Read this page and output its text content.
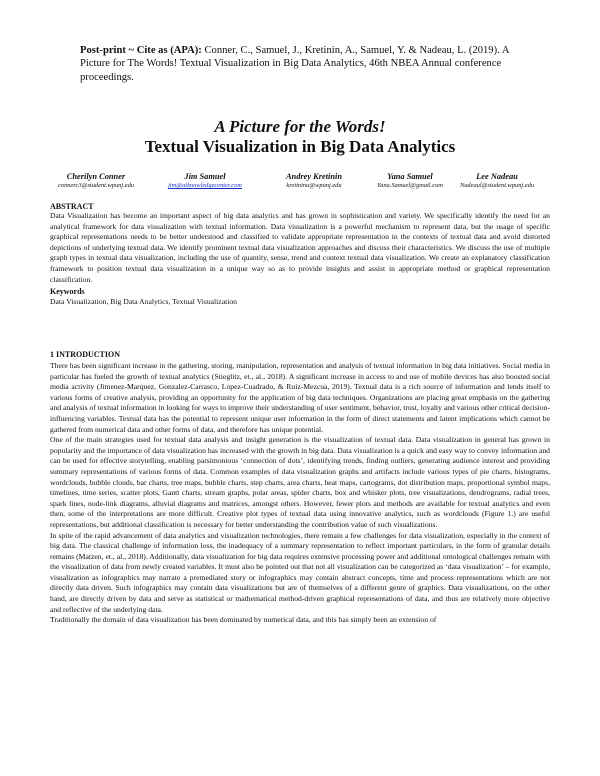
Post-print ~ Cite as (APA): Conner, C., Samuel, J., Kretinin, A., Samuel, Y. & Nadeau, L. (2019). A Picture for The Words! Textual Visualization in Big Data Analytics, 46th NBEA Annual conference proceedings.
A Picture for the Words!
Textual Visualization in Big Data Analytics
Cherilyn Conner
connerc3@student.wpunj.edu
Jim Samuel
jim@aiknowledgecenter.com
Andrey Kretinin
kretinina@wpunj.edu
Yana Samuel
Yana.Samuel@gmail.com
Lee Nadeau
Nadeaul@student.wpunj.edu
ABSTRACT
Data Visualization has become an important aspect of big data analytics and has grown in sophistication and variety. We specifically identify the need for an analytical framework for data visualization with textual information. Data visualization is a powerful mechanism to represent data, but the usage of specific graphical representations needs to be better understood and classified to validate appropriate representation in the contexts of textual data and avoid distorted depictions of underlying textual data. We identify prominent textual data visualization approaches and discuss their characteristics. We discuss the use of multiple graph types in textual data visualization, including the use of quantity, sense, trend and context textual data visualization. We create an explanatory classification framework to position textual data visualization in a unique way so as to provide insights and assist in appropriate method or graphical representation classification.
Keywords
Data Visualization, Big Data Analytics, Textual Visualization
1 INTRODUCTION

There has been significant increase in the gathering, storing, manipulation, representation and analysis of textual information in big data initiatives. Social media in particular has fueled the growth of textual analytics (Stieglitz, et., al., 2018). A significant increase in access to and use of mobile devices has also boosted social media activity (Jimenez-Marquez, Gonzalez-Carrasco, Lopez-Cuadrado, & Ruiz-Mezcua, 2019). Textual data is a rich source of information and lends itself to various forms of creative analysis, providing an opportunity for the application of big data techniques. Organizations are placing great emphasis on the gathering and analysis of textual information in looking for ways to improve their understanding of user sentiment, behavior, trust, loyalty and various other critical decision-influencing variables. Textual data has the potential to represent unique user information in the form of direct statements and latent implications which cannot be gathered from numerical data and other forms of data, and therefore has unique potential.

One of the main strategies used for textual data analysis and insight generation is the visualization of textual data. Data visualization in general has grown in popularity and the importance of data visualization has increased with the growth in big data. Data visualization is a quick and easy way to convey information and can be used for effective storytelling, enabling parsimonious ‘connection of dots’, identifying trends, finding outliers, generating audience interest and providing summary representations of various forms of data. Common examples of data visualization graphs and artifacts include various types of pie charts, histograms, wordclouds, bubble clouds, bar charts, tree maps, bubble charts, step charts, area charts, heat maps, cartograms, dot distribution maps, proportional symbol maps, timelines, time series, scatter plots, Gantt charts, stream graphs, polar areas, spider charts, box and whisker plots, tree visualizations, dendrograms, radial trees, spark lines, node-link diagrams, alluvial diagrams and matrices, amongst others. However, fewer plots and methods are available for textual analytics and even then, some of the interpretations are more difficult. Creative plot types of textual data using innovative analytics, such as wordclouds (Figure 1.) are useful representations, but additional classification is necessary for better understanding the contribution value of such visualizations.

In spite of the rapid advancement of data analytics and visualization technologies, there remain a few challenges for data visualization, especially in the context of big data. The classical challenge of information loss, the inadequacy of a summary representation to reflect important particulars, in the form of granular details remains (Matzen, et., al., 2018). Additionally, data visualization for big data requires extensive processing power and additional ontological challenges remain with the visualization of data from newly created variables. It must also be pointed out that not all visualization can be categorized as ‘data visualization’ – for example, visualization as infographics may narrate a premediated story or infographics may contain abstract concepts, time and process representations which are not directly data driven. Such infographics may contain data visualizations but are of themselves of a different genre of graphics. Data visualizations, on the other hand, are directly driven by data and serve as statistical or mathematical method-driven graphical representations of data, and thus are relatively more objective and reflective of the underlying data.

Traditionally the domain of data visualization has been dominated by numerical data, and this has simply been an extension of
